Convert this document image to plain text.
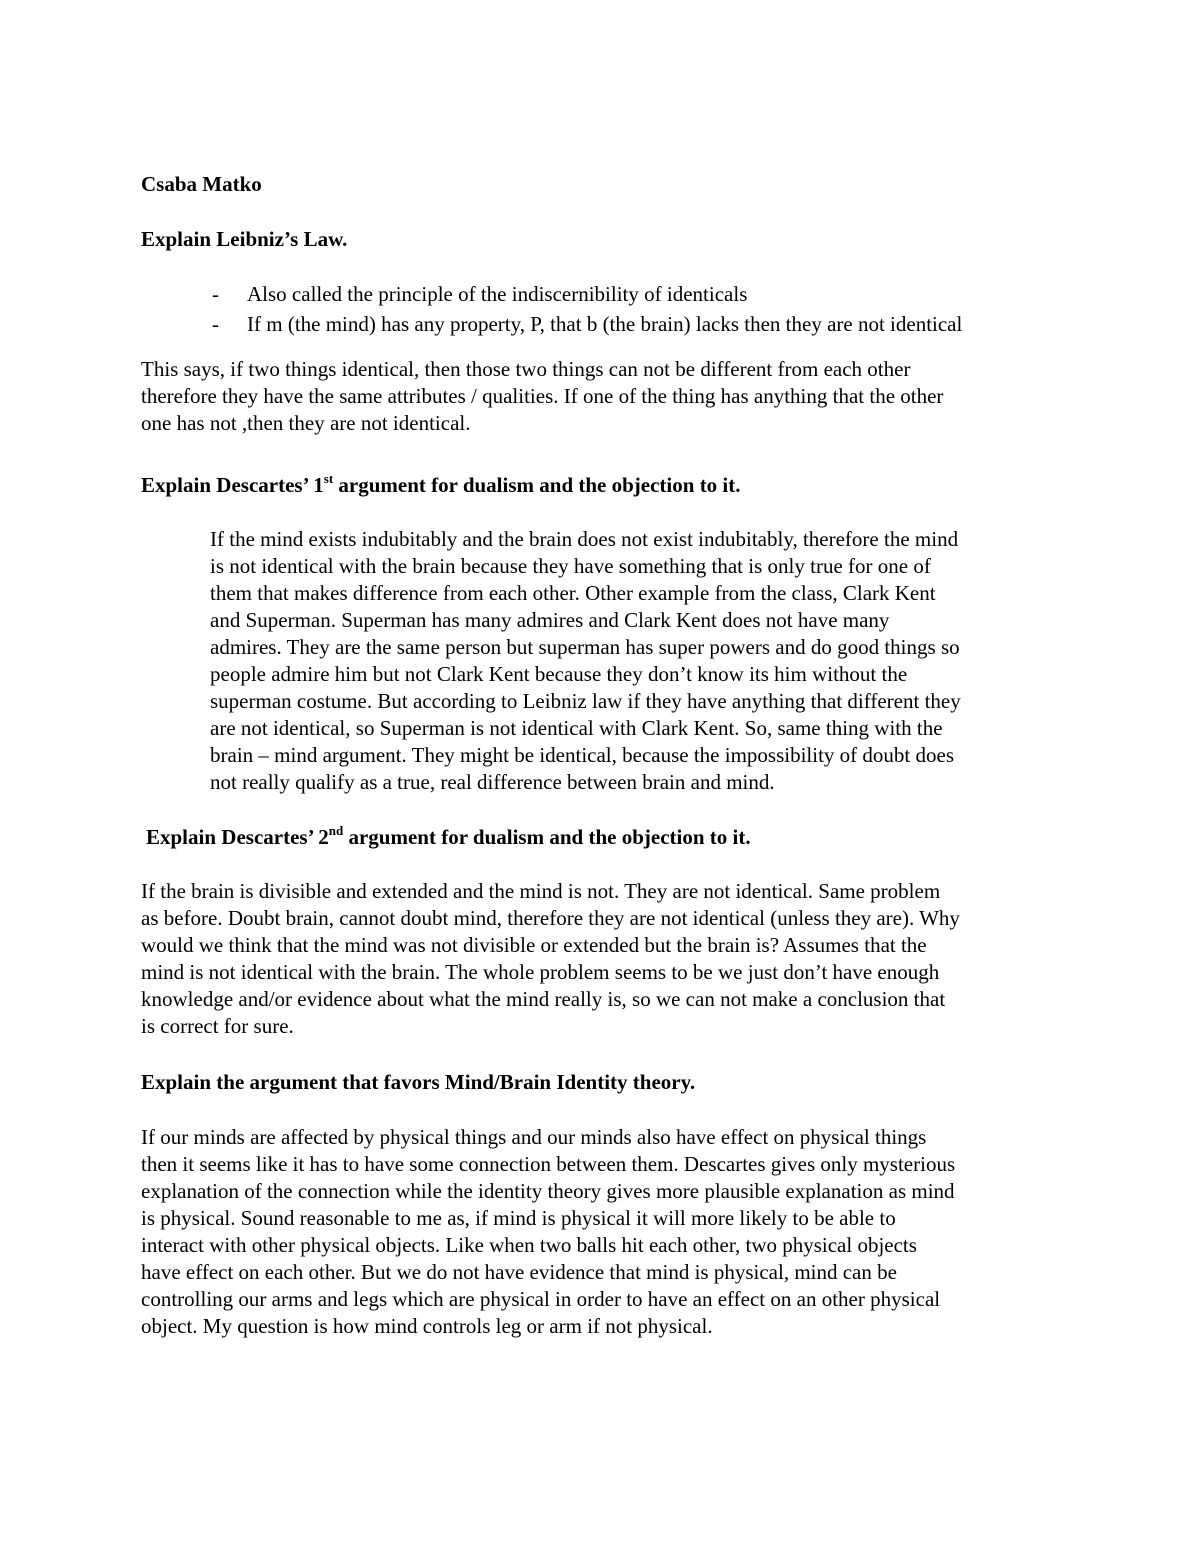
Csaba Matko
Explain Leibniz’s Law.
- Also called the principle of the indiscernibility of identicals
- If m (the mind) has any property, P, that b (the brain) lacks then they are not identical
This says, if two things identical, then those two things can not be different from each other
therefore they have the same attributes / qualities. If one of the thing has anything that the other
one has not ,then they are not identical.
Explain Descartes’ 1st argument for dualism and the objection to it.
If the mind exists indubitably and the brain does not exist indubitably, therefore the mind
is not identical with the brain because they have something that is only true for one of
them that makes difference from each other. Other example from the class, Clark Kent
and Superman. Superman has many admires and Clark Kent does not have many
admires. They are the same person but superman has super powers and do good things so
people admire him but not Clark Kent because they don’t know its him without the
superman costume. But according to Leibniz law if they have anything that different they
are not identical, so Superman is not identical with Clark Kent. So, same thing with the
brain – mind argument. They might be identical, because the impossibility of doubt does
not really qualify as a true, real difference between brain and mind.
Explain Descartes’ 2nd argument for dualism and the objection to it.
If the brain is divisible and extended and the mind is not. They are not identical. Same problem
as before. Doubt brain, cannot doubt mind, therefore they are not identical (unless they are). Why
would we think that the mind was not divisible or extended but the brain is? Assumes that the
mind is not identical with the brain. The whole problem seems to be we just don’t have enough
knowledge and/or evidence about what the mind really is, so we can not make a conclusion that
is correct for sure.
Explain the argument that favors Mind/Brain Identity theory.
If our minds are affected by physical things and our minds also have effect on physical things
then it seems like it has to have some connection between them. Descartes gives only mysterious
explanation of the connection while the identity theory gives more plausible explanation as mind
is physical. Sound reasonable to me as, if mind is physical it will more likely to be able to
interact with other physical objects. Like when two balls hit each other, two physical objects
have effect on each other. But we do not have evidence that mind is physical, mind can be
controlling our arms and legs which are physical in order to have an effect on an other physical
object. My question is how mind controls leg or arm if not physical.
